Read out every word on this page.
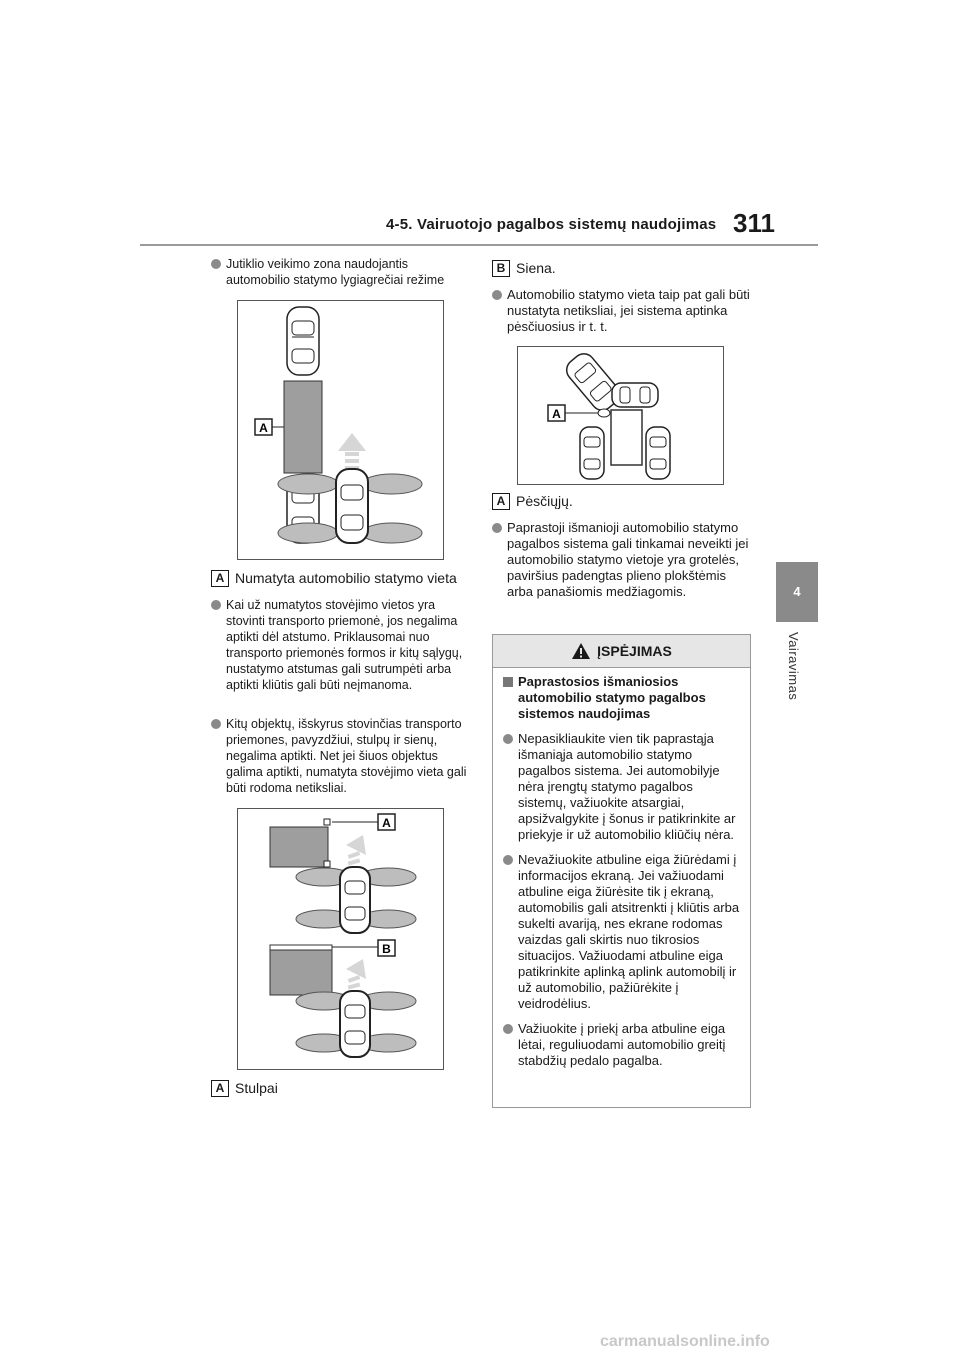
4-5. Vairuotojo pagalbos sistemų naudojimas 311
4
Vairavimas
Jutiklio veikimo zona naudojantis automobilio statymo lygiagrečiai režime
A
A Numatyta automobilio statymo vieta
Kai už numatytos stovėjimo vietos yra stovinti transporto priemonė, jos negalima aptikti dėl atstumo. Priklausomai nuo transporto priemonės formos ir kitų sąlygų, nustatymo atstumas gali sutrumpėti arba aptikti kliūtis gali būti neįmanoma.
Kitų objektų, išskyrus stovinčias transporto priemones, pavyzdžiui, stulpų ir sienų, negalima aptikti. Net jei šiuos objektus galima aptikti, numatyta stovėjimo vieta gali būti rodoma netiksliai.
A
B
A Stulpai
B Siena.
Automobilio statymo vieta taip pat gali būti nustatyta netiksliai, jei sistema aptinka pėsčiuosius ir t. t.
A
A Pėsčiųjų.
Paprastoji išmanioji automobilio statymo pagalbos sistema gali tinkamai neveikti jei automobilio statymo vietoje yra grotelės, paviršius padengtas plieno plokštėmis arba panašiomis medžiagomis.
ĮSPĖJIMAS
Paprastosios išmaniosios automobilio statymo pagalbos sistemos naudojimas
Nepasikliaukite vien tik paprastąja išmaniąja automobilio statymo pagalbos sistema. Jei automobilyje nėra įrengtų statymo pagalbos sistemų, važiuokite atsargiai, apsižvalgykite į šonus ir patikrinkite ar priekyje ir už automobilio kliūčių nėra.
Nevažiuokite atbuline eiga žiūrėdami į informacijos ekraną. Jei važiuodami atbuline eiga žiūrėsite tik į ekraną, automobilis gali atsitrenkti į kliūtis arba sukelti avariją, nes ekrane rodomas vaizdas gali skirtis nuo tikrosios situacijos. Važiuodami atbuline eiga patikrinkite aplinką aplink automobilį ir už automobilio, pažiūrėkite į veidrodėlius.
Važiuokite į priekį arba atbuline eiga lėtai, reguliuodami automobilio greitį stabdžių pedalo pagalba.
carmanualsonline.info
